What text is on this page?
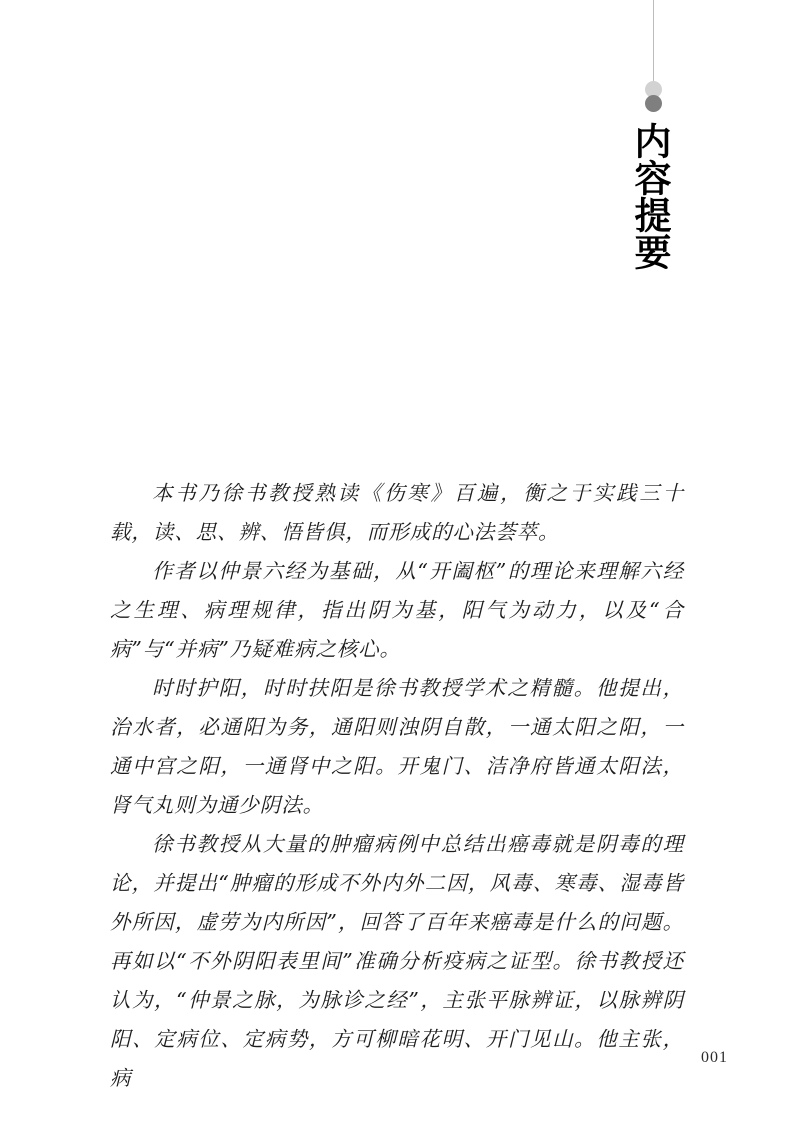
内容提要

本书乃徐书教授熟读《伤寒》百遍，衡之于实践三十载，读、思、辨、悟皆俱，而形成的心法荟萃。

作者以仲景六经为基础，从“开阖枢”的理论来理解六经之生理、病理规律，指出阴为基，阳气为动力，以及“合病”与“并病”乃疑难病之核心。

时时护阳，时时扶阳是徐书教授学术之精髓。他提出，治水者，必通阳为务，通阳则浊阴自散，一通太阳之阳，一通中宫之阳，一通肾中之阳。开鬼门、洁净府皆通太阳法，肾气丸则为通少阴法。

徐书教授从大量的肿瘤病例中总结出癌毒就是阴毒的理论，并提出“肿瘤的形成不外内外二因，风毒、寒毒、湿毒皆外所因，虚劳为内所因”，回答了百年来癌毒是什么的问题。再如以“不外阴阳表里间”准确分析疫病之证型。徐书教授还认为，“仲景之脉，为脉诊之经”，主张平脉辨证，以脉辨阴阳、定病位、定病势，方可柳暗花明、开门见山。他主张，病

001
